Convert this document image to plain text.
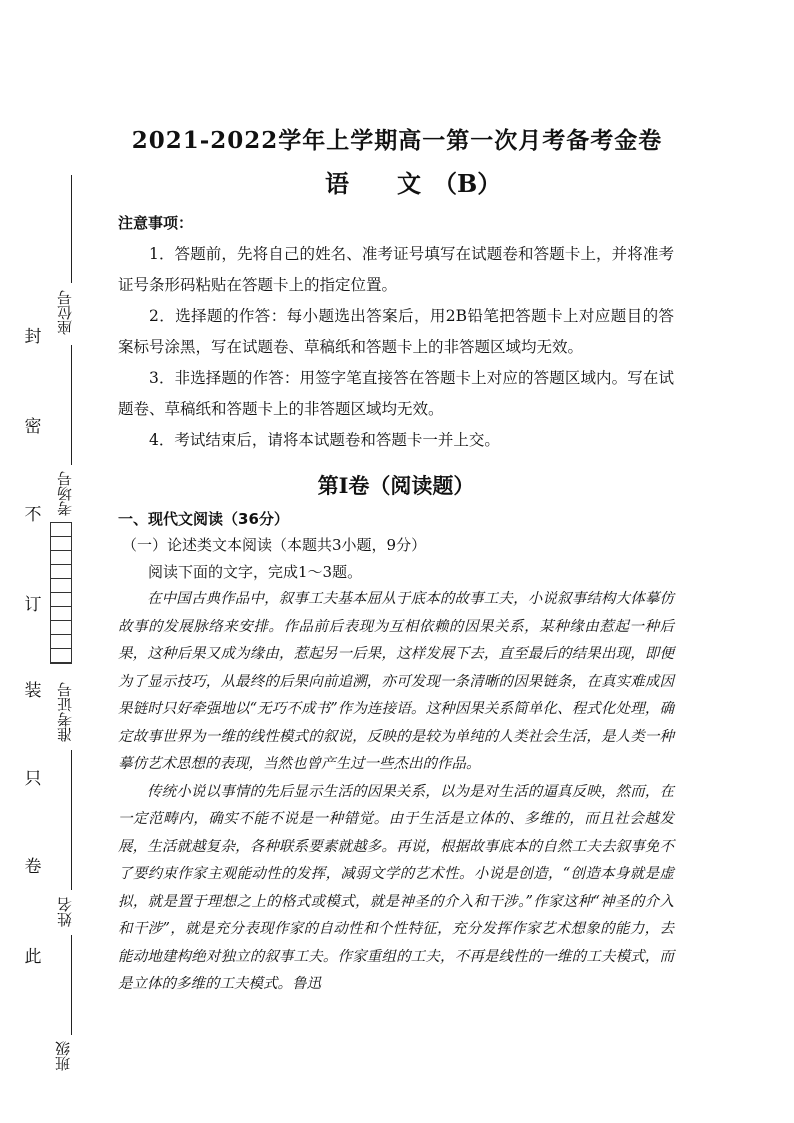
封
密
不
订
装
只
卷
此
座位号
考场号
准考证号
姓名
班级
2021-2022学年上学期高一第一次月考备考金卷
语　　文　（B）

注意事项：

1．答题前，先将自己的姓名、准考证号填写在试题卷和答题卡上，并将准考证号条形码粘贴在答题卡上的指定位置。

2．选择题的作答：每小题选出答案后，用2B铅笔把答题卡上对应题目的答案标号涂黑，写在试题卷、草稿纸和答题卡上的非答题区域均无效。

3．非选择题的作答：用签字笔直接答在答题卡上对应的答题区域内。写在试题卷、草稿纸和答题卡上的非答题区域均无效。

4．考试结束后，请将本试题卷和答题卡一并上交。

第Ⅰ卷（阅读题）

一、现代文阅读（36分）

（一）论述类文本阅读（本题共3小题，9分）

阅读下面的文字，完成1～3题。

在中国古典作品中，叙事工夫基本屈从于底本的故事工夫，小说叙事结构大体摹仿故事的发展脉络来安排。作品前后表现为互相依赖的因果关系，某种缘由惹起一种后果，这种后果又成为缘由，惹起另一后果，这样发展下去，直至最后的结果出现，即便为了显示技巧，从最终的后果向前追溯，亦可发现一条清晰的因果链条，在真实难成因果链时只好牵强地以“无巧不成书”作为连接语。这种因果关系简单化、程式化处理，确定故事世界为一维的线性模式的叙说，反映的是较为单纯的人类社会生活，是人类一种摹仿艺术思想的表现，当然也曾产生过一些杰出的作品。

传统小说以事情的先后显示生活的因果关系，以为是对生活的逼真反映，然而，在一定范畴内，确实不能不说是一种错觉。由于生活是立体的、多维的，而且社会越发展，生活就越复杂，各种联系要素就越多。再说，根据故事底本的自然工夫去叙事免不了要约束作家主观能动性的发挥，减弱文学的艺术性。小说是创造，“创造本身就是虚拟，就是置于理想之上的格式或模式，就是神圣的介入和干涉。”作家这种“神圣的介入和干涉”，就是充分表现作家的自动性和个性特征，充分发挥作家艺术想象的能力，去能动地建构绝对独立的叙事工夫。作家重组的工夫，不再是线性的一维的工夫模式，而是立体的多维的工夫模式。鲁迅
